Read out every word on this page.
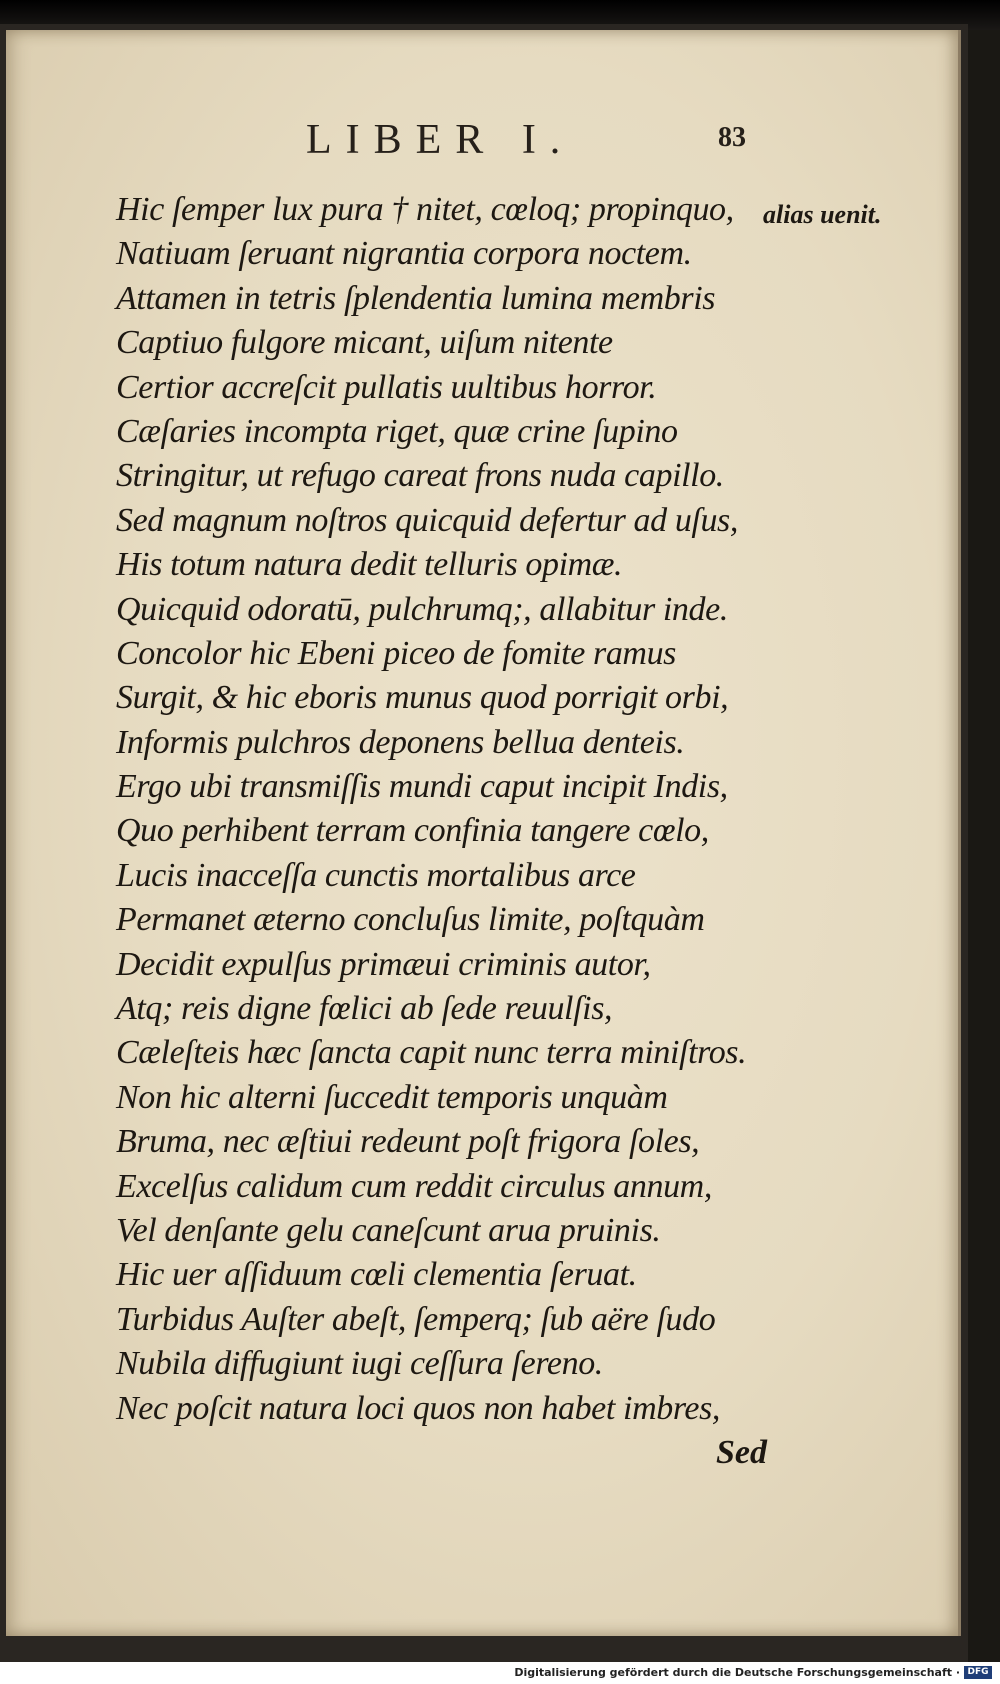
LIBER I.	83
alias uenit.
Hic ſemper lux pura † nitet, cœloq; propinquo,
Natiuam ſeruant nigrantia corpora noctem.
Attamen in tetris ſplendentia lumina membris
Captiuo fulgore micant, uiſum nitente
Certior accreſcit pullatis uultibus horror.
Cæſaries incompta riget, quæ crine ſupino
Stringitur, ut refugo careat frons nuda capillo.
Sed magnum noſtros quicquid defertur ad uſus,
His totum natura dedit telluris opimæ.
Quicquid odoratū, pulchrumq;, allabitur inde.
Concolor hic Ebeni piceo de fomite ramus
Surgit, & hic eboris munus quod porrigit orbi,
Informis pulchros deponens bellua denteis.
Ergo ubi transmiſſis mundi caput incipit Indis,
Quo perhibent terram confinia tangere cœlo,
Lucis inacceſſa cunctis mortalibus arce
Permanet æterno concluſus limite, poſtquàm
Decidit expulſus primæui criminis autor,
Atq; reis digne fœlici ab ſede reuulſis,
Cæleſteis hæc ſancta capit nunc terra miniſtros.
Non hic alterni ſuccedit temporis unquàm
Bruma, nec æſtiui redeunt poſt frigora ſoles,
Excelſus calidum cum reddit circulus annum,
Vel denſante gelu caneſcunt arua pruinis.
Hic uer aſſiduum cœli clementia ſeruat.
Turbidus Auſter abeſt, ſemperq; ſub aëre ſudo
Nubila diffugiunt iugi ceſſura ſereno.
Nec poſcit natura loci quos non habet imbres,
Sed
Digitalisierung gefördert durch die Deutsche Forschungsgemeinschaft · DFG
